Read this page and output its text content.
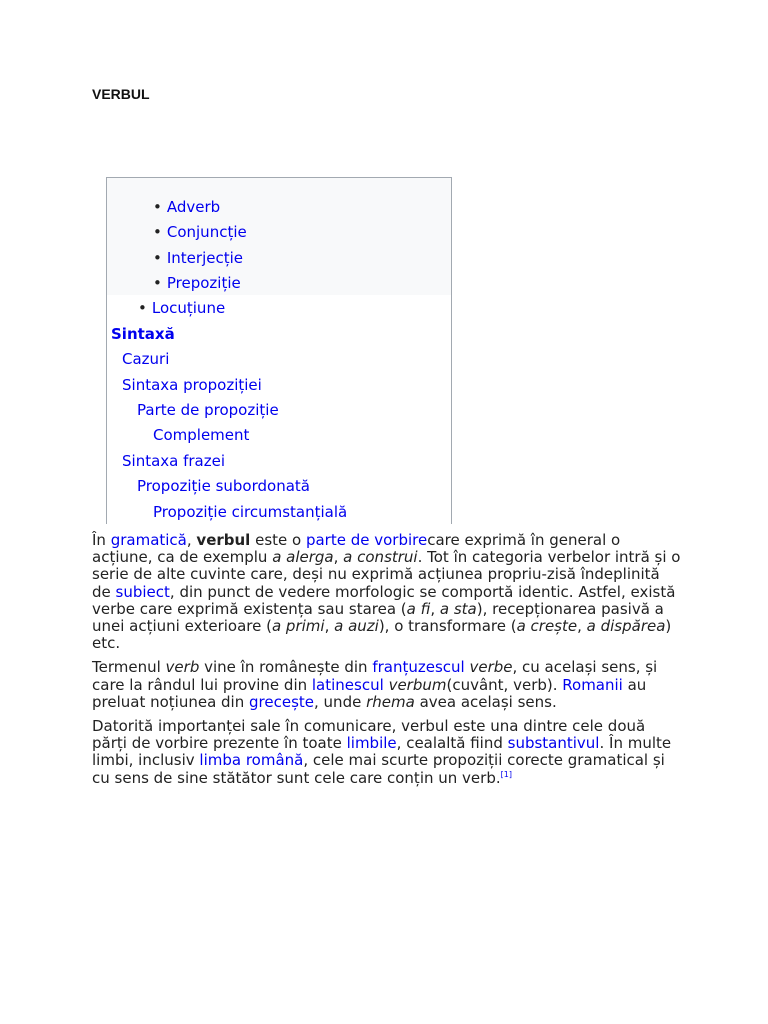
VERBUL
• Adverb
• Conjuncție
• Interjecție
• Prepoziție
• Locuțiune
Sintaxă
Cazuri
Sintaxa propoziției
Parte de propoziție
Complement
Sintaxa frazei
Propoziție subordonată
Propoziție circumstanțială

În gramatică, verbul este o parte de vorbirecare exprimă în general o acțiune, ca de exemplu a alerga, a construi. Tot în categoria verbelor intră și o serie de alte cuvinte care, deși nu exprimă acțiunea propriu-zisă îndeplinită de subiect, din punct de vedere morfologic se comportă identic. Astfel, există verbe care exprimă existența sau starea (a fi, a sta), recepționarea pasivă a unei acțiuni exterioare (a primi, a auzi), o transformare (a crește, a dispărea) etc.

Termenul verb vine în românește din franțuzescul verbe, cu același sens, și care la rândul lui provine din latinescul verbum(cuvânt, verb). Romanii au preluat noțiunea din grecește, unde rhema avea același sens.

Datorită importanței sale în comunicare, verbul este una dintre cele două părți de vorbire prezente în toate limbile, cealaltă fiind substantivul. În multe limbi, inclusiv limba română, cele mai scurte propoziții corecte gramatical și cu sens de sine stătător sunt cele care conțin un verb.[1]
